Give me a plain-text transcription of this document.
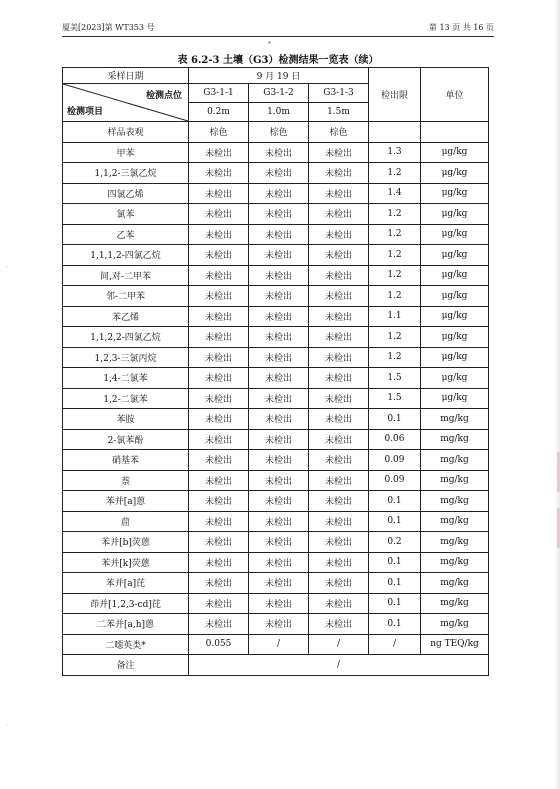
厦美[2023]第 WT353 号	第 13 页 共 16 页
表 6.2-3 土壤（G3）检测结果一览表（续）
采样日期	9 月 19 日			检出限	单位

检测点位
检测项目	G3-1-1	G3-1-2	G3-1-3		
	0.2m	1.0m	1.5m		
样品表观	棕色	棕色	棕色		
甲苯	未检出	未检出	未检出	1.3	μg/kg
1,1,2-三氯乙烷	未检出	未检出	未检出	1.2	μg/kg
四氯乙烯	未检出	未检出	未检出	1.4	μg/kg
氯苯	未检出	未检出	未检出	1.2	μg/kg
乙苯	未检出	未检出	未检出	1.2	μg/kg
1,1,1,2-四氯乙烷	未检出	未检出	未检出	1.2	μg/kg
间,对-二甲苯	未检出	未检出	未检出	1.2	μg/kg
邻-二甲苯	未检出	未检出	未检出	1.2	μg/kg
苯乙烯	未检出	未检出	未检出	1.1	μg/kg
1,1,2,2-四氯乙烷	未检出	未检出	未检出	1.2	μg/kg
1,2,3-三氯丙烷	未检出	未检出	未检出	1.2	μg/kg
1,4-二氯苯	未检出	未检出	未检出	1.5	μg/kg
1,2-二氯苯	未检出	未检出	未检出	1.5	μg/kg
苯胺	未检出	未检出	未检出	0.1	mg/kg
2-氯苯酚	未检出	未检出	未检出	0.06	mg/kg
硝基苯	未检出	未检出	未检出	0.09	mg/kg
萘	未检出	未检出	未检出	0.09	mg/kg
苯并[a]蒽	未检出	未检出	未检出	0.1	mg/kg
䓛	未检出	未检出	未检出	0.1	mg/kg
苯并[b]荧蒽	未检出	未检出	未检出	0.2	mg/kg
苯并[k]荧蒽	未检出	未检出	未检出	0.1	mg/kg
苯并[a]芘	未检出	未检出	未检出	0.1	mg/kg
茚并[1,2,3-cd]芘	未检出	未检出	未检出	0.1	mg/kg
二苯并[a,h]蒽	未检出	未检出	未检出	0.1	mg/kg
二噁英类*	0.055	/	/	/	ng TEQ/kg
备注	/				
-
-
